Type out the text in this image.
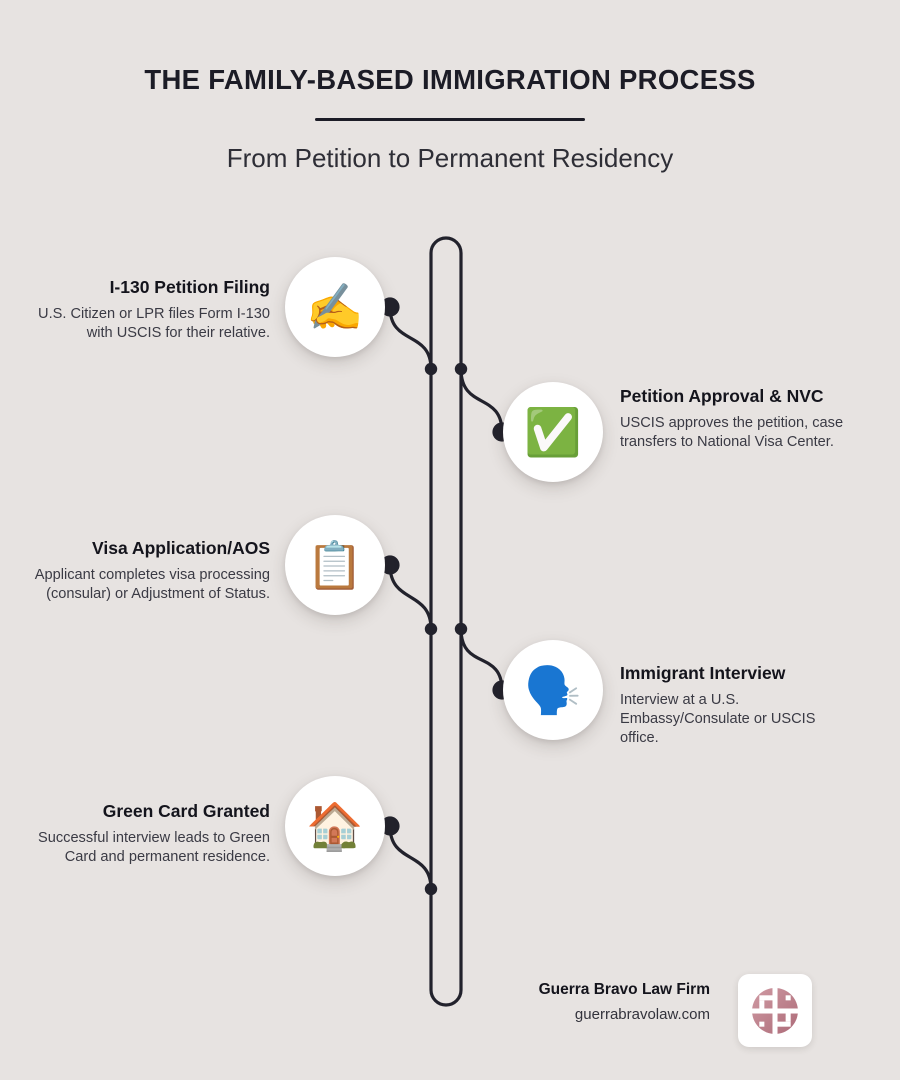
THE FAMILY-BASED IMMIGRATION PROCESS

From Petition to Permanent Residency

✍️

I-130 Petition Filing

U.S. Citizen or LPR files Form I-130 with USCIS for their relative.

✅

Petition Approval & NVC

USCIS approves the petition, case transfers to National Visa Center.

📋

Visa Application/AOS

Applicant completes visa processing (consular) or Adjustment of Status.

🗣️ Immigrant Interview

Interview at a U.S. Embassy/Consulate or USCIS office.

🏠

Green Card Granted

Successful interview leads to Green Card and permanent residence.

Guerra Bravo Law Firm

guerrabravolaw.com
